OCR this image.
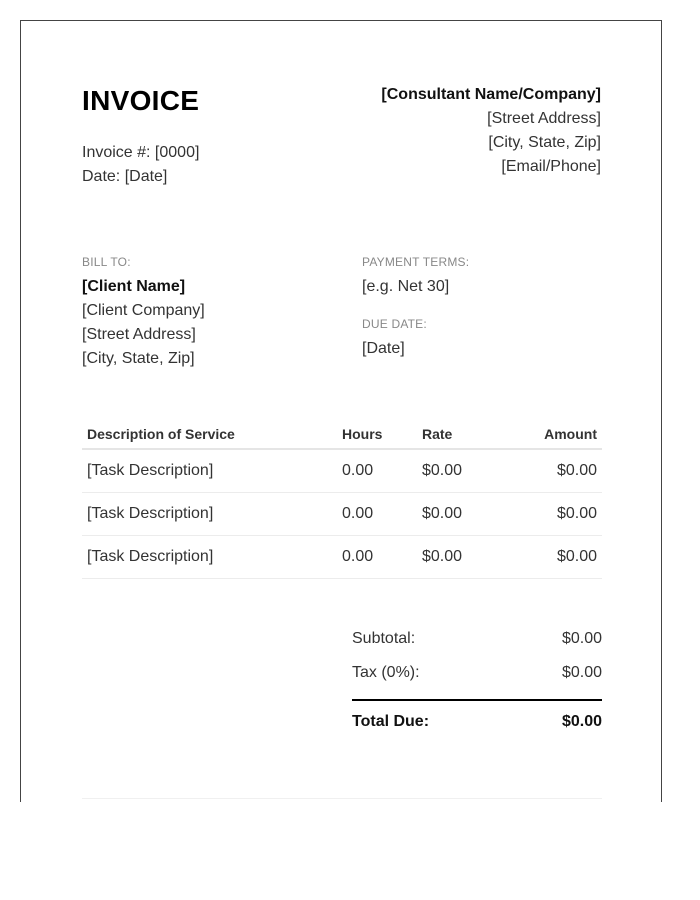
INVOICE
Invoice #: [0000]
Date: [Date]
[Consultant Name/Company]
[Street Address]
[City, State, Zip]
[Email/Phone]
BILL TO:
[Client Name]
[Client Company]
[Street Address]
[City, State, Zip]
PAYMENT TERMS:
[e.g. Net 30]
DUE DATE:
[Date]
Description of Service	Hours	Rate	Amount
[Task Description]	0.00	$0.00	$0.00
[Task Description]	0.00	$0.00	$0.00
[Task Description]	0.00	$0.00	$0.00
Subtotal:	$0.00
Tax (0%):	$0.00
Total Due:	$0.00
